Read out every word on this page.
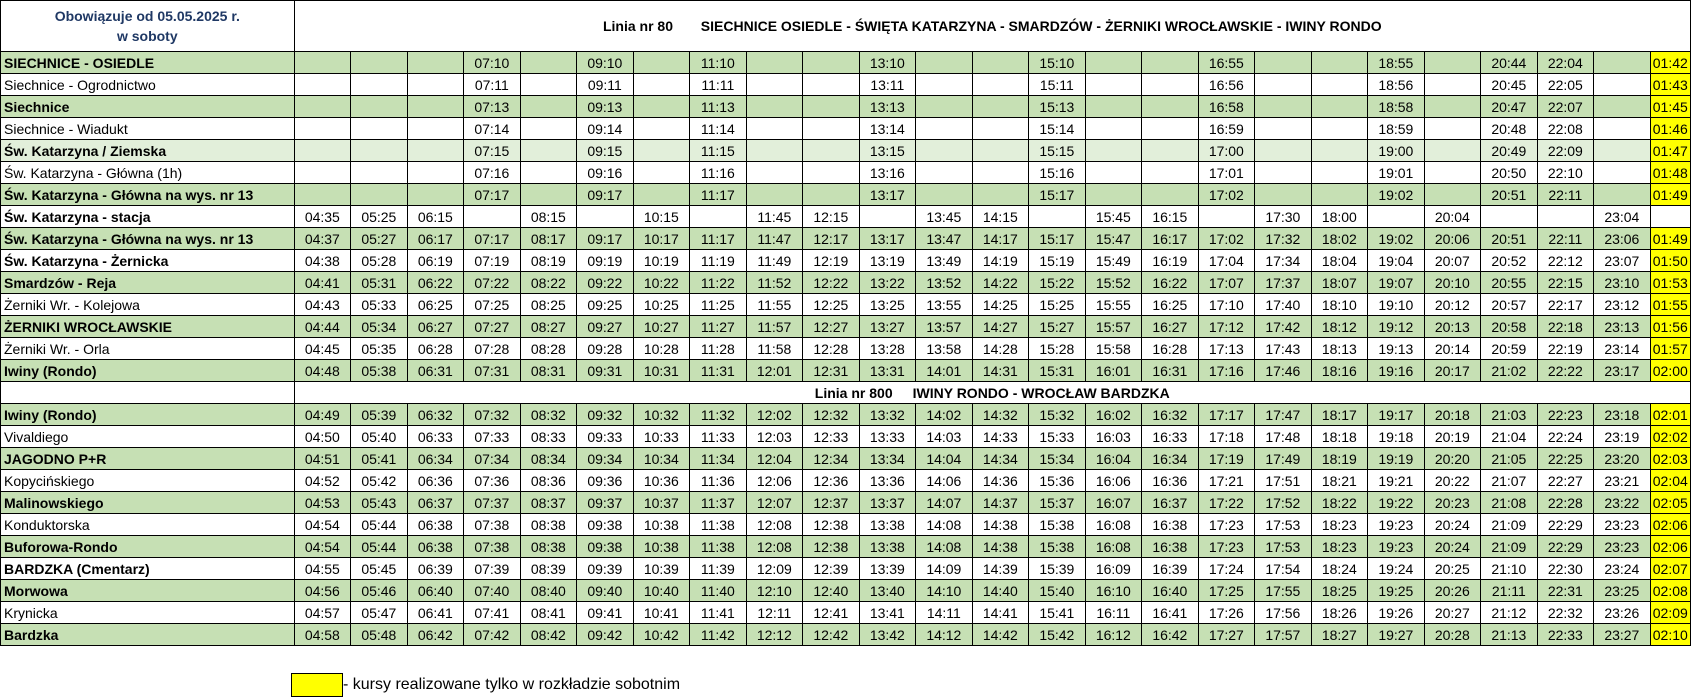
Obowiązuje od 05.05.2025 r.
w soboty	Linia nr 80 SIECHNICE OSIEDLE - ŚWIĘTA KATARZYNA - SMARDZÓW - ŻERNIKI WROCŁAWSKIE - IWINY RONDO																								
SIECHNICE - OSIEDLE				07:10		09:10		11:10			13:10			15:10			16:55			18:55		20:44	22:04		01:42
Siechnice - Ogrodnictwo				07:11		09:11		11:11			13:11			15:11			16:56			18:56		20:45	22:05		01:43
Siechnice				07:13		09:13		11:13			13:13			15:13			16:58			18:58		20:47	22:07		01:45
Siechnice - Wiadukt				07:14		09:14		11:14			13:14			15:14			16:59			18:59		20:48	22:08		01:46
Św. Katarzyna / Ziemska				07:15		09:15		11:15			13:15			15:15			17:00			19:00		20:49	22:09		01:47
Św. Katarzyna - Główna (1h)				07:16		09:16		11:16			13:16			15:16			17:01			19:01		20:50	22:10		01:48
Św. Katarzyna - Główna na wys. nr 13				07:17		09:17		11:17			13:17			15:17			17:02			19:02		20:51	22:11		01:49
Św. Katarzyna - stacja	04:35	05:25	06:15		08:15		10:15		11:45	12:15		13:45	14:15		15:45	16:15		17:30	18:00		20:04			23:04	
Św. Katarzyna - Główna na wys. nr 13	04:37	05:27	06:17	07:17	08:17	09:17	10:17	11:17	11:47	12:17	13:17	13:47	14:17	15:17	15:47	16:17	17:02	17:32	18:02	19:02	20:06	20:51	22:11	23:06	01:49
Św. Katarzyna - Żernicka	04:38	05:28	06:19	07:19	08:19	09:19	10:19	11:19	11:49	12:19	13:19	13:49	14:19	15:19	15:49	16:19	17:04	17:34	18:04	19:04	20:07	20:52	22:12	23:07	01:50
Smardzów - Reja	04:41	05:31	06:22	07:22	08:22	09:22	10:22	11:22	11:52	12:22	13:22	13:52	14:22	15:22	15:52	16:22	17:07	17:37	18:07	19:07	20:10	20:55	22:15	23:10	01:53
Żerniki Wr. - Kolejowa	04:43	05:33	06:25	07:25	08:25	09:25	10:25	11:25	11:55	12:25	13:25	13:55	14:25	15:25	15:55	16:25	17:10	17:40	18:10	19:10	20:12	20:57	22:17	23:12	01:55
ŻERNIKI WROCŁAWSKIE	04:44	05:34	06:27	07:27	08:27	09:27	10:27	11:27	11:57	12:27	13:27	13:57	14:27	15:27	15:57	16:27	17:12	17:42	18:12	19:12	20:13	20:58	22:18	23:13	01:56
Żerniki Wr. - Orla	04:45	05:35	06:28	07:28	08:28	09:28	10:28	11:28	11:58	12:28	13:28	13:58	14:28	15:28	15:58	16:28	17:13	17:43	18:13	19:13	20:14	20:59	22:19	23:14	01:57
Iwiny (Rondo)	04:48	05:38	06:31	07:31	08:31	09:31	10:31	11:31	12:01	12:31	13:31	14:01	14:31	15:31	16:01	16:31	17:16	17:46	18:16	19:16	20:17	21:02	22:22	23:17	02:00
	Linia nr 800 IWINY RONDO - WROCŁAW BARDZKA																								
Iwiny (Rondo)	04:49	05:39	06:32	07:32	08:32	09:32	10:32	11:32	12:02	12:32	13:32	14:02	14:32	15:32	16:02	16:32	17:17	17:47	18:17	19:17	20:18	21:03	22:23	23:18	02:01
Vivaldiego	04:50	05:40	06:33	07:33	08:33	09:33	10:33	11:33	12:03	12:33	13:33	14:03	14:33	15:33	16:03	16:33	17:18	17:48	18:18	19:18	20:19	21:04	22:24	23:19	02:02
JAGODNO P+R	04:51	05:41	06:34	07:34	08:34	09:34	10:34	11:34	12:04	12:34	13:34	14:04	14:34	15:34	16:04	16:34	17:19	17:49	18:19	19:19	20:20	21:05	22:25	23:20	02:03
Kopycińskiego	04:52	05:42	06:36	07:36	08:36	09:36	10:36	11:36	12:06	12:36	13:36	14:06	14:36	15:36	16:06	16:36	17:21	17:51	18:21	19:21	20:22	21:07	22:27	23:21	02:04
Malinowskiego	04:53	05:43	06:37	07:37	08:37	09:37	10:37	11:37	12:07	12:37	13:37	14:07	14:37	15:37	16:07	16:37	17:22	17:52	18:22	19:22	20:23	21:08	22:28	23:22	02:05
Konduktorska	04:54	05:44	06:38	07:38	08:38	09:38	10:38	11:38	12:08	12:38	13:38	14:08	14:38	15:38	16:08	16:38	17:23	17:53	18:23	19:23	20:24	21:09	22:29	23:23	02:06
Buforowa-Rondo	04:54	05:44	06:38	07:38	08:38	09:38	10:38	11:38	12:08	12:38	13:38	14:08	14:38	15:38	16:08	16:38	17:23	17:53	18:23	19:23	20:24	21:09	22:29	23:23	02:06
BARDZKA (Cmentarz)	04:55	05:45	06:39	07:39	08:39	09:39	10:39	11:39	12:09	12:39	13:39	14:09	14:39	15:39	16:09	16:39	17:24	17:54	18:24	19:24	20:25	21:10	22:30	23:24	02:07
Morwowa	04:56	05:46	06:40	07:40	08:40	09:40	10:40	11:40	12:10	12:40	13:40	14:10	14:40	15:40	16:10	16:40	17:25	17:55	18:25	19:25	20:26	21:11	22:31	23:25	02:08
Krynicka	04:57	05:47	06:41	07:41	08:41	09:41	10:41	11:41	12:11	12:41	13:41	14:11	14:41	15:41	16:11	16:41	17:26	17:56	18:26	19:26	20:27	21:12	22:32	23:26	02:09
Bardzka	04:58	05:48	06:42	07:42	08:42	09:42	10:42	11:42	12:12	12:42	13:42	14:12	14:42	15:42	16:12	16:42	17:27	17:57	18:27	19:27	20:28	21:13	22:33	23:27	02:10
- kursy realizowane tylko w rozkładzie sobotnim
